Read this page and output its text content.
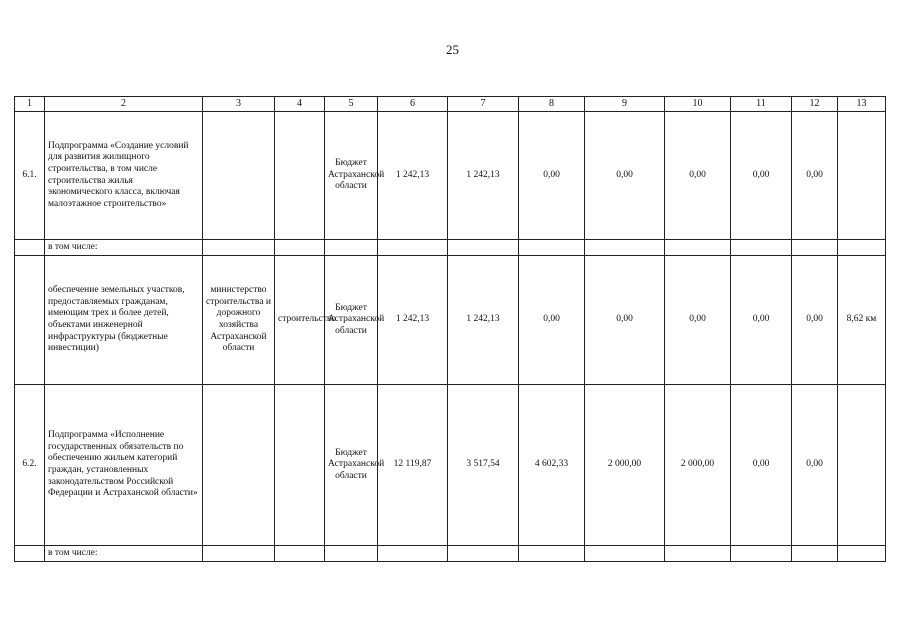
25
1	2	3	4	5	6	7	8	9	10	11	12	13
6.1.	Подпрограмма «Создание условий для развития жилищного строительства, в том числе строительства жилья экономического класса, включая малоэтажное строительство»			Бюджет Астраханской области	1 242,13	1 242,13	0,00	0,00	0,00	0,00	0,00	
	в том числе:											
	обеспечение земельных участков, предоставляемых гражданам, имеющим трех и более детей, объектами инженерной инфраструктуры (бюджетные инвестиции)	министерство строительства и дорожного хозяйства Астраханской области	строительство	Бюджет Астраханской области	1 242,13	1 242,13	0,00	0,00	0,00	0,00	0,00	8,62 км
6.2.	Подпрограмма «Исполнение государственных обязательств по обеспечению жильем категорий граждан, установленных законодательством Российской Федерации и Астраханской области»			Бюджет Астраханской области	12 119,87	3 517,54	4 602,33	2 000,00	2 000,00	0,00	0,00	
	в том числе:											
